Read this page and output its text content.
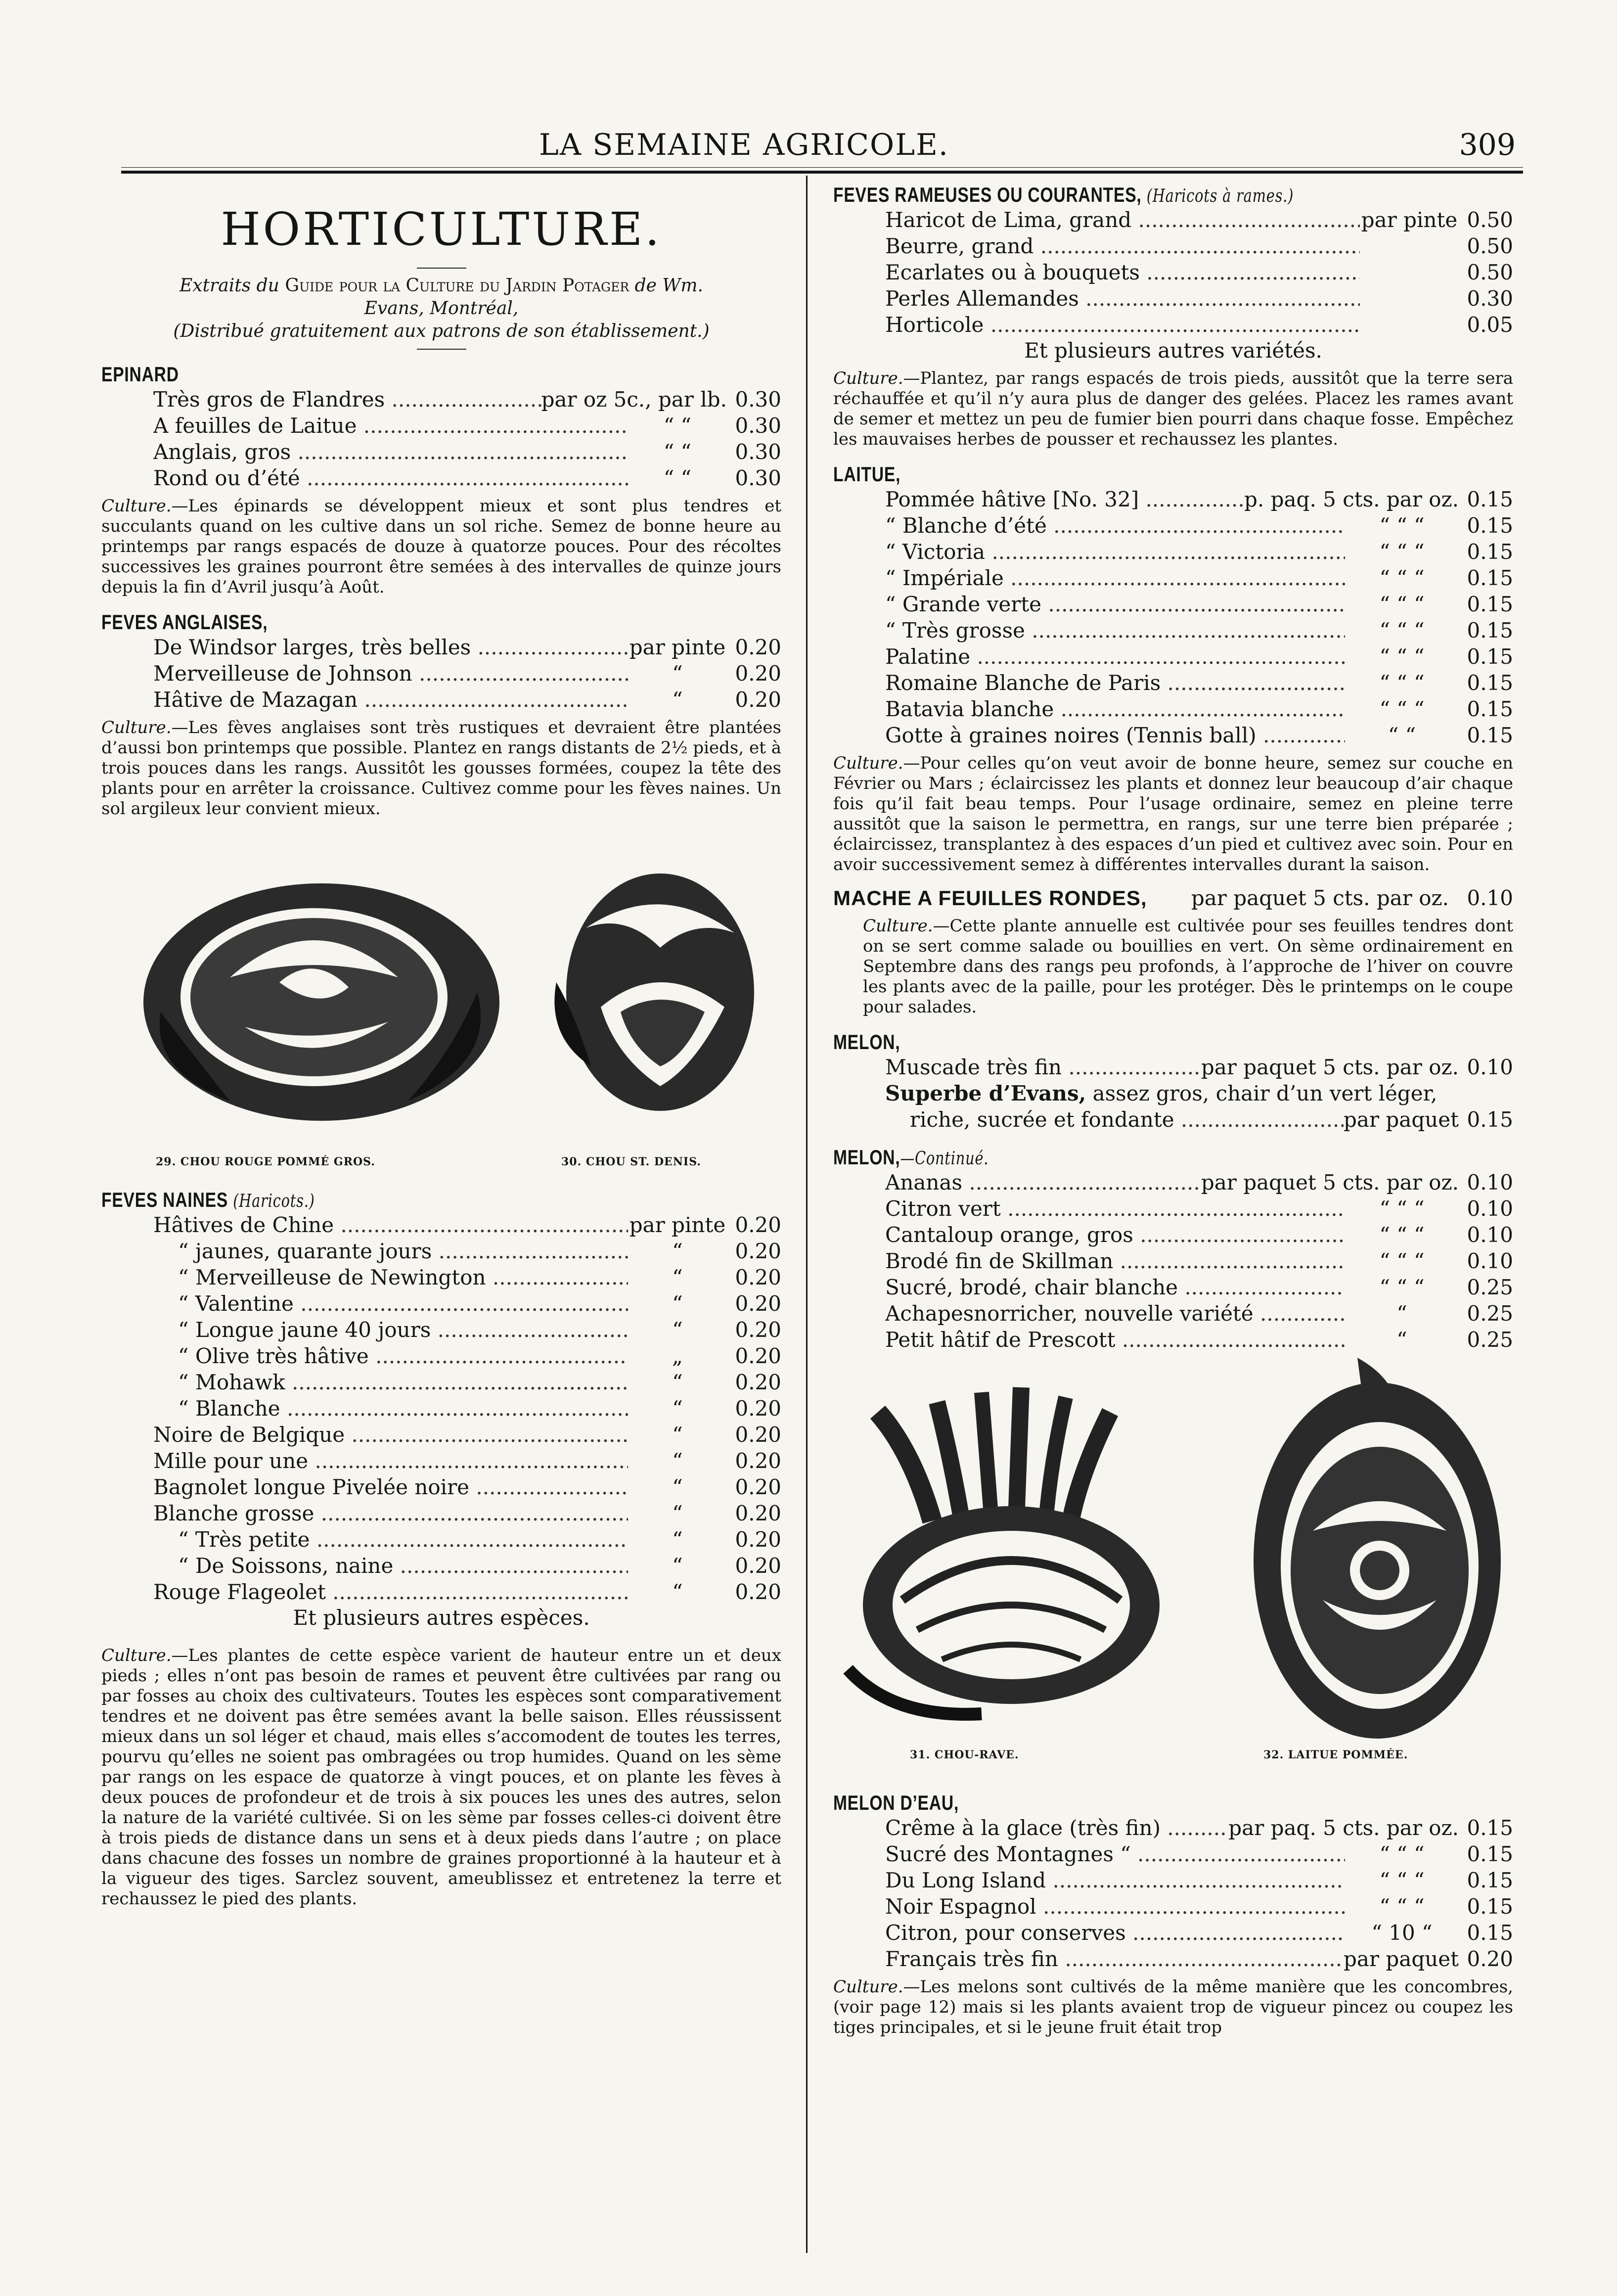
LA SEMAINE AGRICOLE.	309
HORTICULTURE.
Extraits du Guide pour la Culture du Jardin Potager de Wm.
Evans, Montréal,
(Distribué gratuitement aux patrons de son établissement.)
EPINARD
Très gros de Flandres .....	par oz 5c., par lb. 0.30
A feuilles de Laitue .....	“ “	0.30
Anglais, gros .....	“ “	0.30
Rond ou d’été .....	“ “	0.30
Culture.—Les épinards se développent mieux et sont plus tendres et succulants quand on les cultive dans un sol riche. Semez de bonne heure au printemps par rangs espacés de douze à quatorze pouces. Pour des récoltes successives les graines pourront être semées à des intervalles de quinze jours depuis la fin d’Avril jusqu’à Août.
FEVES ANGLAISES,
De Windsor larges, très belles .....	par pinte 0.20
Merveilleuse de Johnson .....	“	0.20
Hâtive de Mazagan .....	“	0.20
Culture.—Les fèves anglaises sont très rustiques et devraient être plantées d’aussi bon printemps que possible. Plantez en rangs distants de 2½ pieds, et à trois pouces dans les rangs. Aussitôt les gousses formées, coupez la tête des plants pour en arrêter la croissance. Cultivez comme pour les fèves naines. Un sol argileux leur convient mieux.
29. CHOU ROUGE POMMÉ GROS.	30. CHOU ST. DENIS.
FEVES NAINES (Haricots.)
Hâtives de Chine .....	par pinte 0.20
“ jaunes, quarante jours .....	“	0.20
“ Merveilleuse de Newington .....	“	0.20
“ Valentine .....	“	0.20
“ Longue jaune 40 jours .....	“	0.20
“ Olive très hâtive .....	„	0.20
“ Mohawk .....	“	0.20
“ Blanche .....	“	0.20
Noire de Belgique .....	“	0.20
Mille pour une .....	“	0.20
Bagnolet longue Pivelée noire .....	“	0.20
Blanche grosse .....	“	0.20
“ Très petite .....	“	0.20
“ De Soissons, naine .....	“	0.20
Rouge Flageolet .....	“	0.20
Et plusieurs autres espèces.
Culture.—Les plantes de cette espèce varient de hauteur entre un et deux pieds ; elles n’ont pas besoin de rames et peuvent être cultivées par rang ou par fosses au choix des cultivateurs. Toutes les espèces sont comparativement tendres et ne doivent pas être semées avant la belle saison. Elles réussissent mieux dans un sol léger et chaud, mais elles s’accomodent de toutes les terres, pourvu qu’elles ne soient pas ombragées ou trop humides. Quand on les sème par rangs on les espace de quatorze à vingt pouces, et on plante les fèves à deux pouces de profondeur et de trois à six pouces les unes des autres, selon la nature de la variété cultivée. Si on les sème par fosses celles-ci doivent être à trois pieds de distance dans un sens et à deux pieds dans l’autre ; on place dans chacune des fosses un nombre de graines proportionné à la hauteur et à la vigueur des tiges. Sarclez souvent, ameublissez et entretenez la terre et rechaussez le pied des plants.
FEVES RAMEUSES OU COURANTES, (Haricots à rames.)
Haricot de Lima, grand .....	par pinte 0.50
Beurre, grand .....	0.50
Ecarlates ou à bouquets .....	0.50
Perles Allemandes .....	0.30
Horticole .....	0.05
Et plusieurs autres variétés.
Culture.—Plantez, par rangs espacés de trois pieds, aussitôt que la terre sera réchauffée et qu’il n’y aura plus de danger des gelées. Placez les rames avant de semer et mettez un peu de fumier bien pourri dans chaque fosse. Empêchez les mauvaises herbes de pousser et rechaussez les plantes.
LAITUE,
Pommée hâtive [No. 32] .....	p. paq. 5 cts. par oz. 0.15
“ Blanche d’été .....	“ “ “	0.15
“ Victoria .....	“ “ “	0.15
“ Impériale .....	“ “ “	0.15
“ Grande verte .....	“ “ “	0.15
“ Très grosse .....	“ “ “	0.15
Palatine .....	“ “ “	0.15
Romaine Blanche de Paris .....	“ “ “	0.15
Batavia blanche .....	“ “ “	0.15
Gotte à graines noires (Tennis ball) .....	“ “	0.15
Culture.—Pour celles qu’on veut avoir de bonne heure, semez sur couche en Février ou Mars ; éclaircissez les plants et donnez leur beaucoup d’air chaque fois qu’il fait beau temps. Pour l’usage ordinaire, semez en pleine terre aussitôt que la saison le permettra, en rangs, sur une terre bien préparée ; éclaircissez, transplantez à des espaces d’un pied et cultivez avec soin. Pour en avoir successivement semez à différentes intervalles durant la saison.
MACHE A FEUILLES RONDES,	par paquet 5 cts. par oz. 0.10
Culture.—Cette plante annuelle est cultivée pour ses feuilles tendres dont on se sert comme salade ou bouillies en vert. On sème ordinairement en Septembre dans des rangs peu profonds, à l’approche de l’hiver on couvre les plants avec de la paille, pour les protéger. Dès le printemps on le coupe pour salades.
MELON,
Muscade très fin .....	par paquet 5 cts. par oz. 0.10
Superbe d’Evans,
assez gros, chair d’un vert léger,
riche, sucrée et fondante .....	par paquet 0.15
MELON,—Continué.
Ananas .....	par paquet 5 cts. par oz. 0.10
Citron vert .....	“ “ “	0.10
Cantaloup orange, gros .....	“ “ “	0.10
Brodé fin de Skillman .....	“ “ “	0.10
Sucré, brodé, chair blanche .....	“ “ “	0.25
Achapesnorricher, nouvelle variété .....	“	0.25
Petit hâtif de Prescott .....	“	0.25
31. CHOU-RAVE.	32. LAITUE POMMÉE.
MELON D’EAU,
Crême à la glace (très fin) .....	par paq. 5 cts. par oz. 0.15
Sucré des Montagnes “ .....	“ “ “	0.15
Du Long Island .....	“ “ “	0.15
Noir Espagnol .....	“ “ “	0.15
Citron, pour conserves .....	“ 10 “	0.15
Français très fin .....	par paquet 0.20
Culture.—Les melons sont cultivés de la même manière que les concombres, (voir page 12) mais si les plants avaient trop de vigueur pincez ou coupez les tiges principales, et si le jeune fruit était trop
